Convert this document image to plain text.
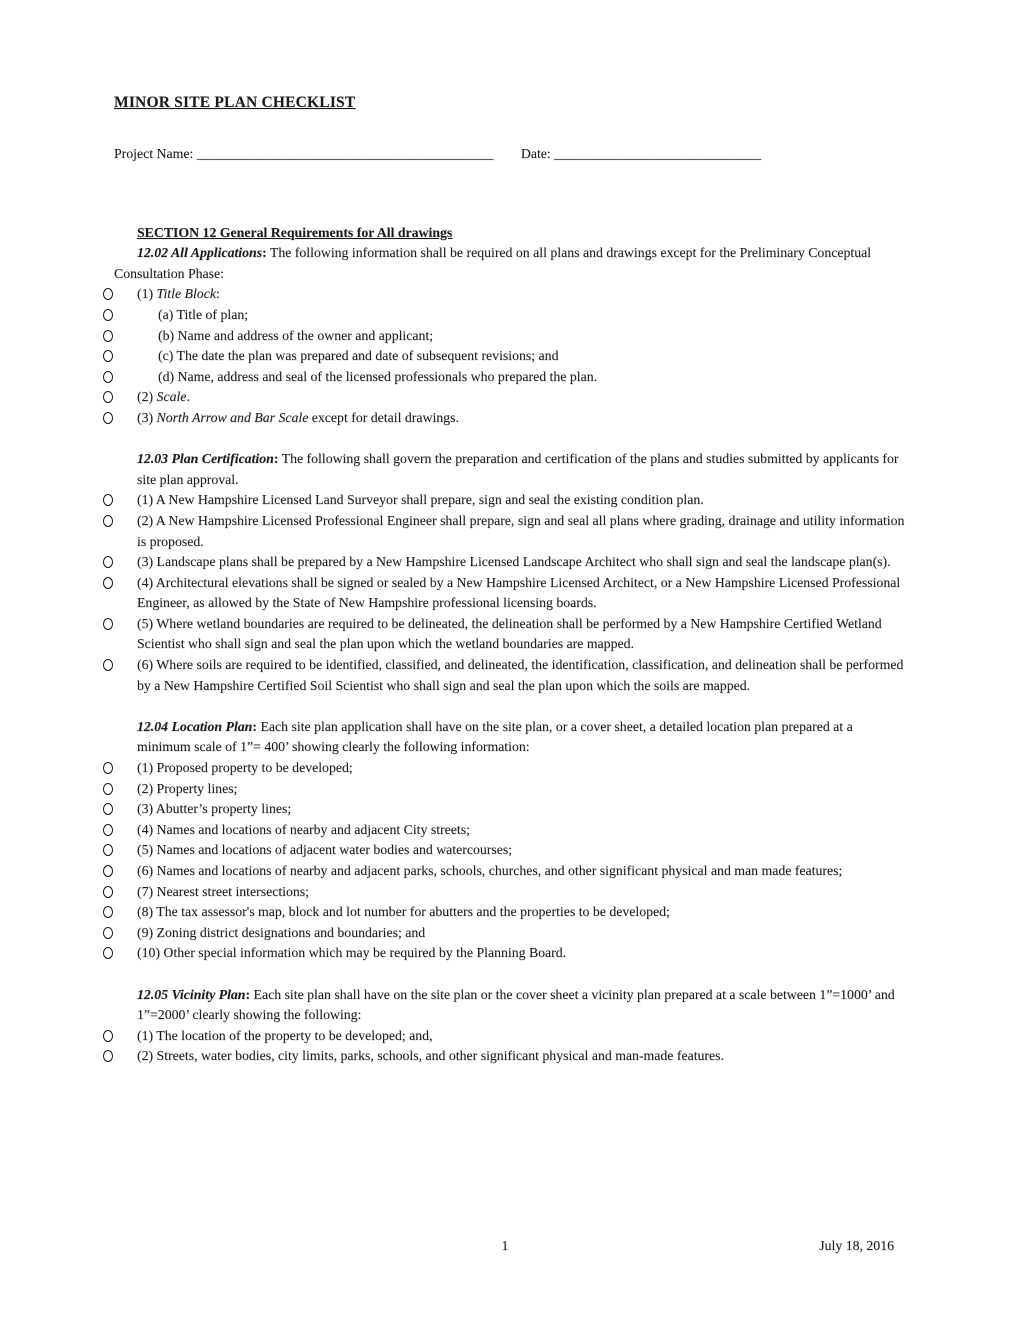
MINOR SITE PLAN CHECKLIST
Project Name: ___________________________________________ Date: ______________________________
SECTION 12 General Requirements for All drawings

12.02 All Applications: The following information shall be required on all plans and drawings except for the Preliminary Conceptual Consultation Phase:

(1) Title Block:
(a) Title of plan;
(b) Name and address of the owner and applicant;
(c) The date the plan was prepared and date of subsequent revisions; and
(d) Name, address and seal of the licensed professionals who prepared the plan.
(2) Scale.
(3) North Arrow and Bar Scale except for detail drawings.

12.03 Plan Certification: The following shall govern the preparation and certification of the plans and studies submitted by applicants for site plan approval.

(1) A New Hampshire Licensed Land Surveyor shall prepare, sign and seal the existing condition plan.
(2) A New Hampshire Licensed Professional Engineer shall prepare, sign and seal all plans where grading, drainage and utility information is proposed.
(3) Landscape plans shall be prepared by a New Hampshire Licensed Landscape Architect who shall sign and seal the landscape plan(s).
(4) Architectural elevations shall be signed or sealed by a New Hampshire Licensed Architect, or a New Hampshire Licensed Professional Engineer, as allowed by the State of New Hampshire professional licensing boards.
(5) Where wetland boundaries are required to be delineated, the delineation shall be performed by a New Hampshire Certified Wetland Scientist who shall sign and seal the plan upon which the wetland boundaries are mapped.
(6) Where soils are required to be identified, classified, and delineated, the identification, classification, and delineation shall be performed by a New Hampshire Certified Soil Scientist who shall sign and seal the plan upon which the soils are mapped.

12.04 Location Plan: Each site plan application shall have on the site plan, or a cover sheet, a detailed location plan prepared at a minimum scale of 1”= 400’ showing clearly the following information:

(1) Proposed property to be developed;
(2) Property lines;
(3) Abutter’s property lines;
(4) Names and locations of nearby and adjacent City streets;
(5) Names and locations of adjacent water bodies and watercourses;
(6) Names and locations of nearby and adjacent parks, schools, churches, and other significant physical and man made features;
(7) Nearest street intersections;
(8) The tax assessor's map, block and lot number for abutters and the properties to be developed;
(9) Zoning district designations and boundaries; and
(10) Other special information which may be required by the Planning Board.

12.05 Vicinity Plan: Each site plan shall have on the site plan or the cover sheet a vicinity plan prepared at a scale between 1”=1000’ and 1”=2000’ clearly showing the following:

(1) The location of the property to be developed; and,
(2) Streets, water bodies, city limits, parks, schools, and other significant physical and man-made features.
1	July 18, 2016
